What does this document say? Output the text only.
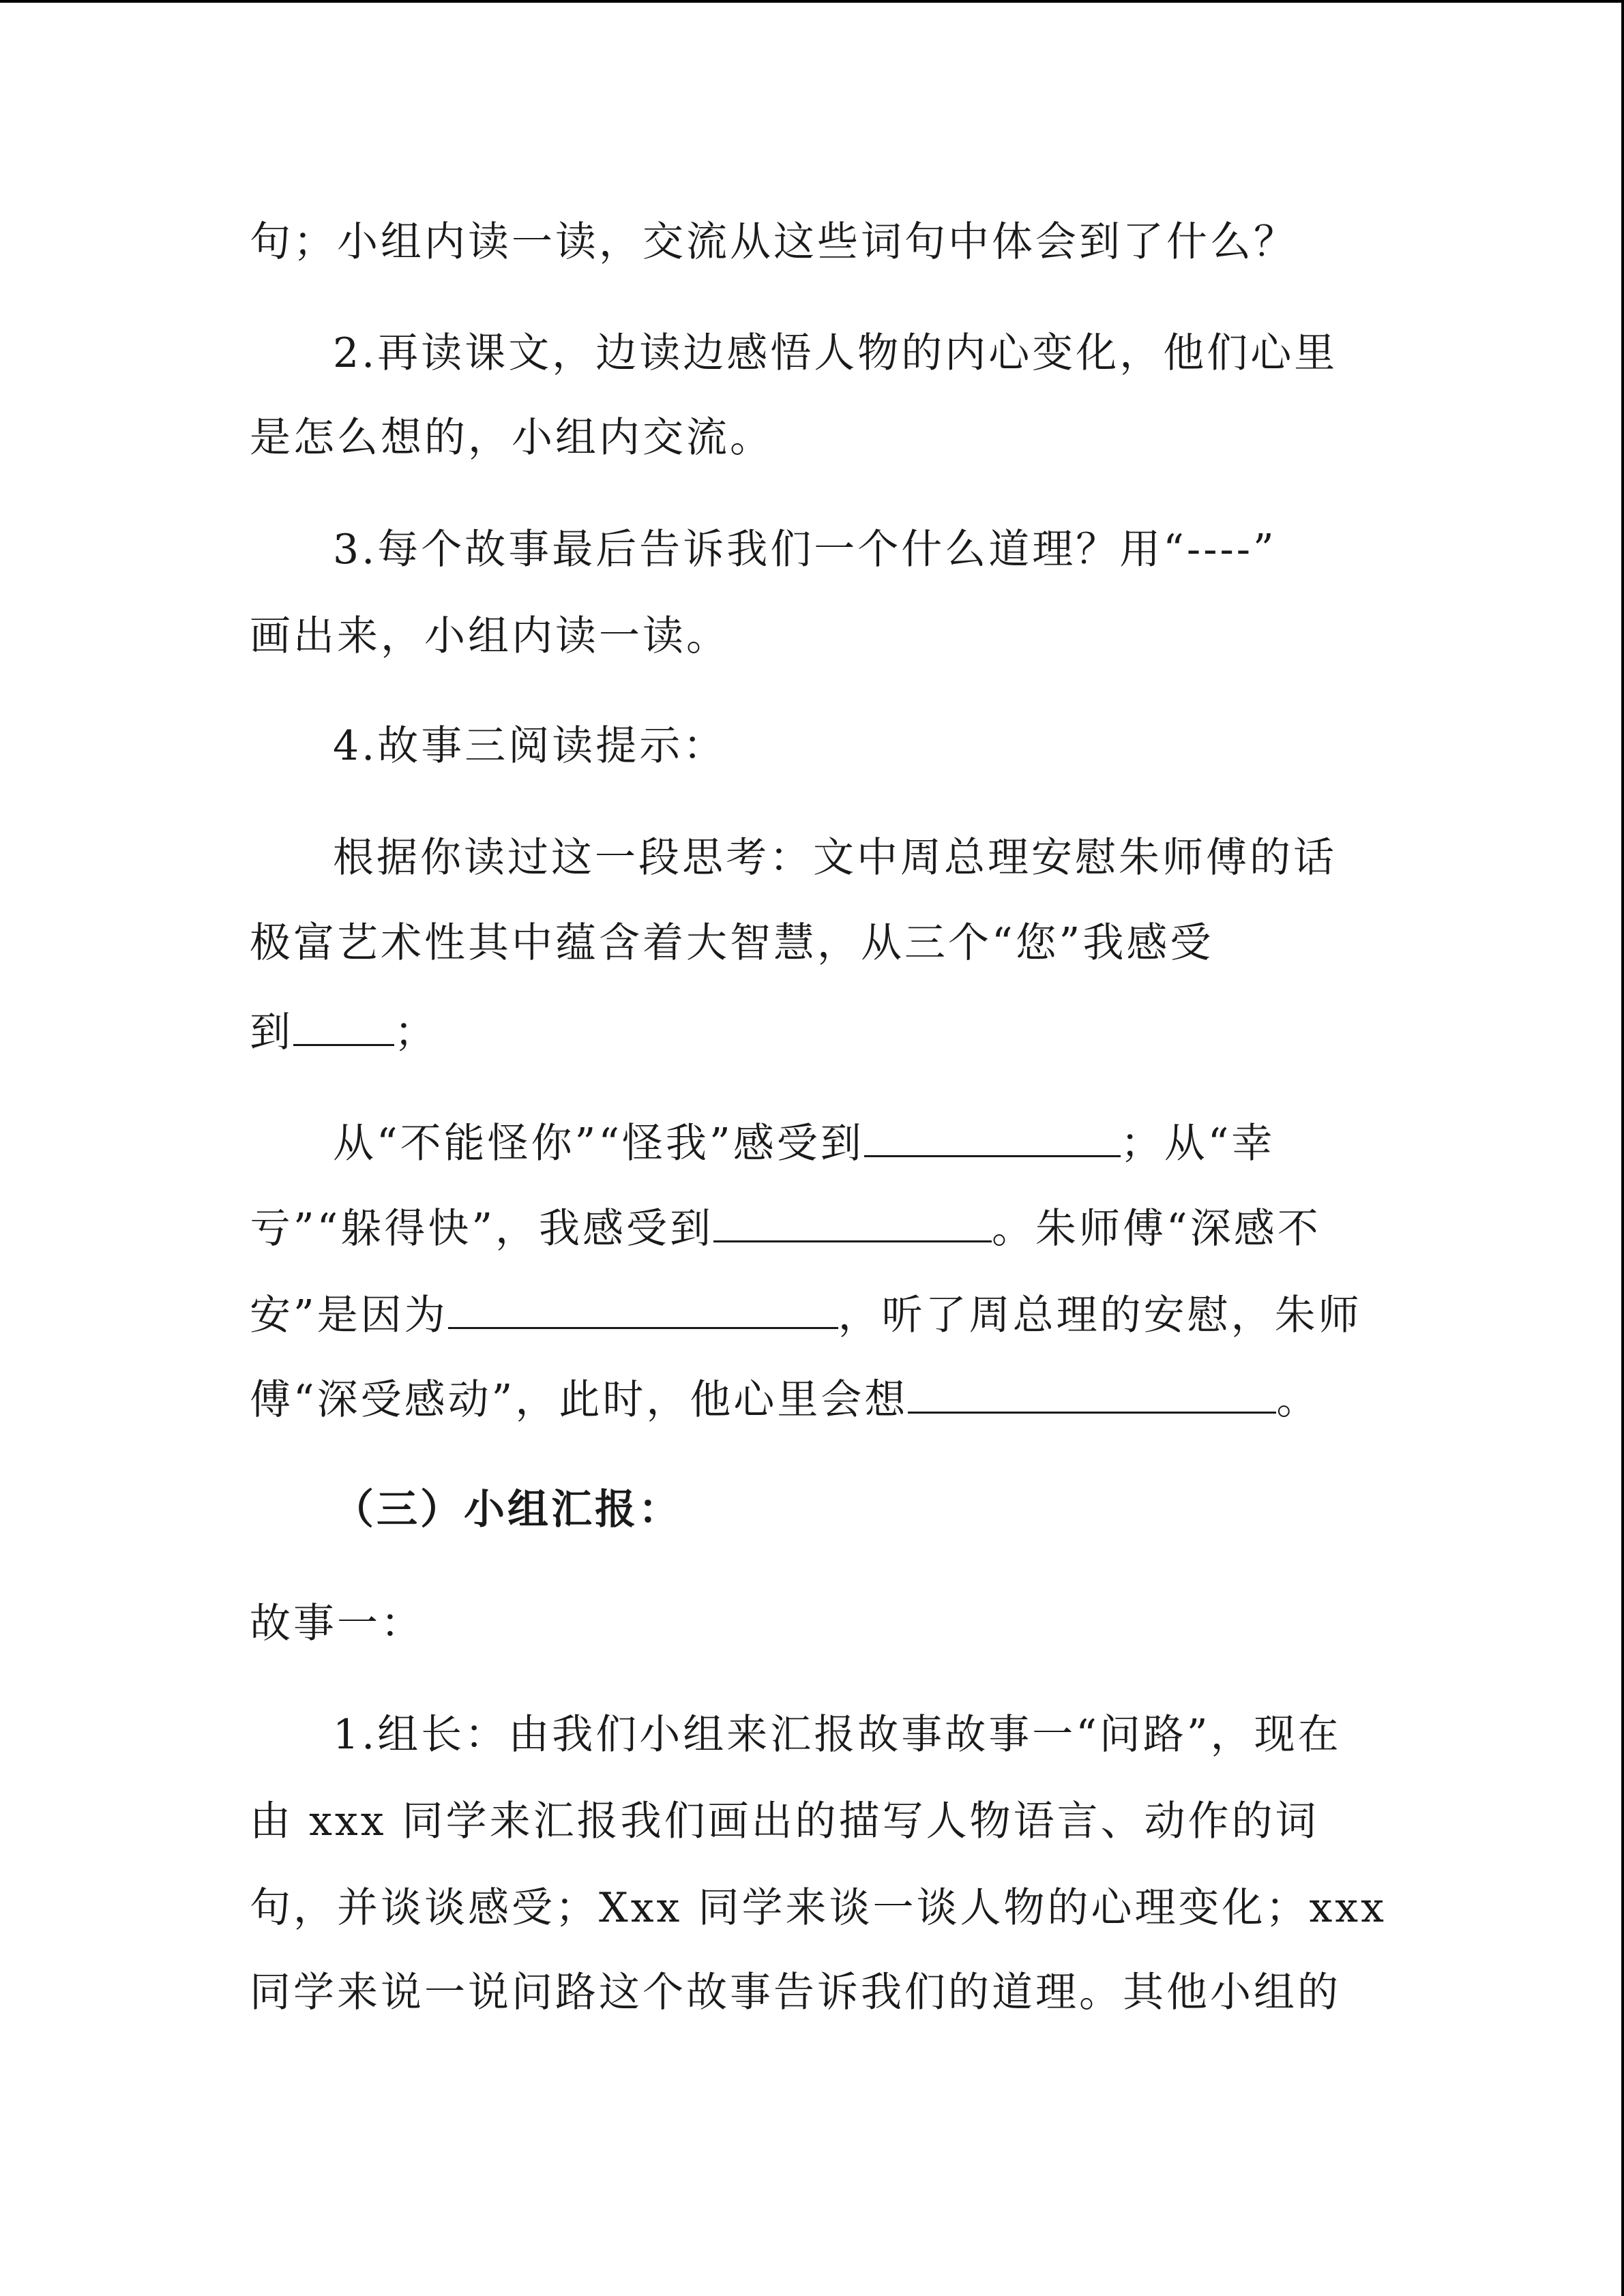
句；小组内读一读，交流从这些词句中体会到了什么？
2.再读课文，边读边感悟人物的内心变化，他们心里
是怎么想的，小组内交流。
3.每个故事最后告诉我们一个什么道理？用“----”
画出来，小组内读一读。
4.故事三阅读提示：
根据你读过这一段思考：文中周总理安慰朱师傅的话
极富艺术性其中蕴含着大智慧，从三个“您”我感受
到 ；
从“不能怪你”“怪我”感受到	；从“幸
亏”“躲得快”，我感受到	。朱师傅“深感不
安”是因为	，听了周总理的安慰，朱师
傅“深受感动”，此时，他心里会想	。
（三）小组汇报：
故事一：
1.组长：由我们小组来汇报故事故事一“问路”，现在
由 xxx 同学来汇报我们画出的描写人物语言、动作的词
句，并谈谈感受；Xxx 同学来谈一谈人物的心理变化；xxx
同学来说一说问路这个故事告诉我们的道理。其他小组的
